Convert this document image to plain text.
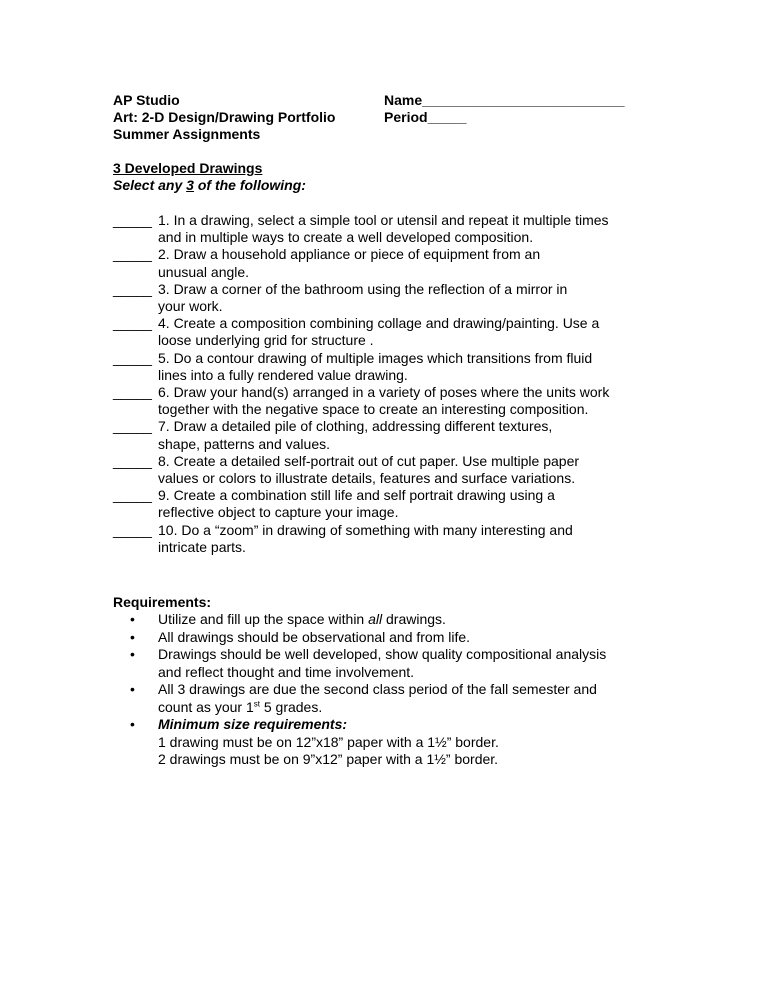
AP Studio	Name__________________________
Art: 2-D Design/Drawing Portfolio	Period_____
Summer Assignments
3 Developed Drawings
Select any 3 of the following:
_____ 1. In a drawing, select a simple tool or utensil and repeat it multiple times
and in multiple ways to create a well developed composition.
_____ 2. Draw a household appliance or piece of equipment from an
unusual angle.
_____ 3. Draw a corner of the bathroom using the reflection of a mirror in
your work.
_____ 4. Create a composition combining collage and drawing/painting. Use a
loose underlying grid for structure .
_____ 5. Do a contour drawing of multiple images which transitions from fluid
lines into a fully rendered value drawing.
_____ 6. Draw your hand(s) arranged in a variety of poses where the units work
together with the negative space to create an interesting composition.
_____ 7. Draw a detailed pile of clothing, addressing different textures,
shape, patterns and values.
_____ 8. Create a detailed self-portrait out of cut paper. Use multiple paper
values or colors to illustrate details, features and surface variations.
_____ 9. Create a combination still life and self portrait drawing using a
reflective object to capture your image.
_____ 10. Do a “zoom” in drawing of something with many interesting and
intricate parts.
Requirements:
• Utilize and fill up the space within all drawings.
• All drawings should be observational and from life.
• Drawings should be well developed, show quality compositional analysis
and reflect thought and time involvement.
• All 3 drawings are due the second class period of the fall semester and
count as your 1st 5 grades.
• Minimum size requirements:
1 drawing must be on 12”x18” paper with a 1½” border.
2 drawings must be on 9”x12” paper with a 1½” border.
